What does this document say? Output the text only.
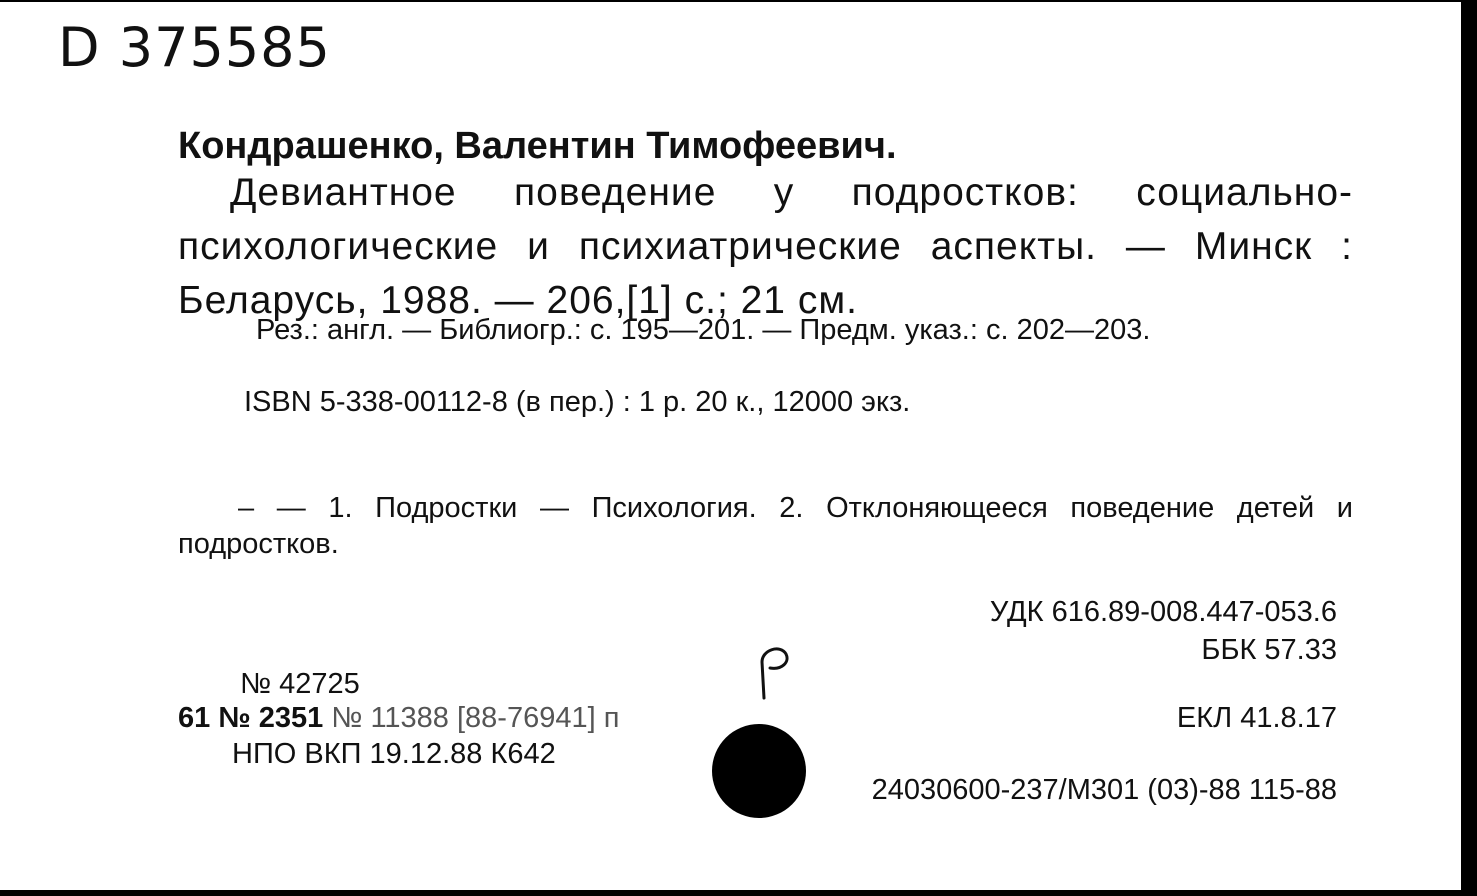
D 375585
Кондрашенко, Валентин Тимофеевич.
Девиантное поведение у подростков: социально-психологические и психиатрические аспекты. — Минск : Беларусь, 1988. — 206,[1] с.; 21 см.
Рез.: англ. — Библиогр.: с. 195—201. — Предм. указ.: с. 202—203.
ISBN 5-338-00112-8 (в пер.) : 1 р. 20 к., 12000 экз.
– — 1. Подростки — Психология. 2. Отклоняющееся поведение детей и подростков.
УДК 616.89-008.447-053.6
ББК 57.33
№ 42725
61 № 2351 № 11388 [88-76941] п	ЕКЛ 41.8.17
НПО ВКП 19.12.88 К642
24030600-237/М301 (03)-88 115-88
